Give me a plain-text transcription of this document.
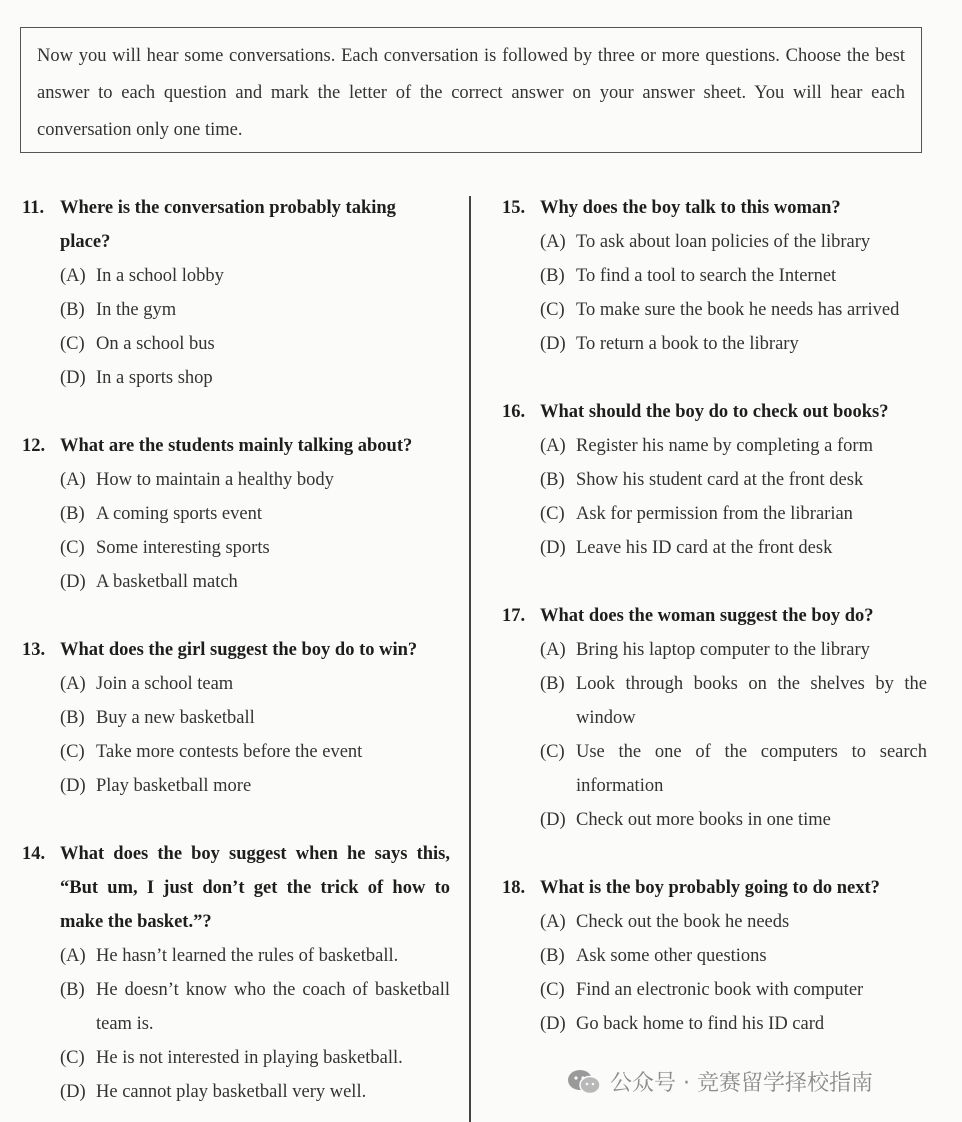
Now you will hear some conversations. Each conversation is followed by three or more questions. Choose the best answer to each question and mark the letter of the correct answer on your answer sheet. You will hear each conversation only one time.
11. Where is the conversation probably taking place?
(A) In a school lobby
(B) In the gym
(C) On a school bus
(D) In a sports shop
12. What are the students mainly talking about?
(A) How to maintain a healthy body
(B) A coming sports event
(C) Some interesting sports
(D) A basketball match
13. What does the girl suggest the boy do to win?
(A) Join a school team
(B) Buy a new basketball
(C) Take more contests before the event
(D) Play basketball more
14. What does the boy suggest when he says this, “But um, I just don’t get the trick of how to make the basket.”?
(A) He hasn’t learned the rules of basketball.
(B) He doesn’t know who the coach of basketball team is.
(C) He is not interested in playing basketball.
(D) He cannot play basketball very well.
15. Why does the boy talk to this woman?
(A) To ask about loan policies of the library
(B) To find a tool to search the Internet
(C) To make sure the book he needs has arrived
(D) To return a book to the library
16. What should the boy do to check out books?
(A) Register his name by completing a form
(B) Show his student card at the front desk
(C) Ask for permission from the librarian
(D) Leave his ID card at the front desk
17. What does the woman suggest the boy do?
(A) Bring his laptop computer to the library
(B) Look through books on the shelves by the window
(C) Use the one of the computers to search information
(D) Check out more books in one time
18. What is the boy probably going to do next?
(A) Check out the book he needs
(B) Ask some other questions
(C) Find an electronic book with computer
(D) Go back home to find his ID card
公众号 · 竞赛留学择校指南
